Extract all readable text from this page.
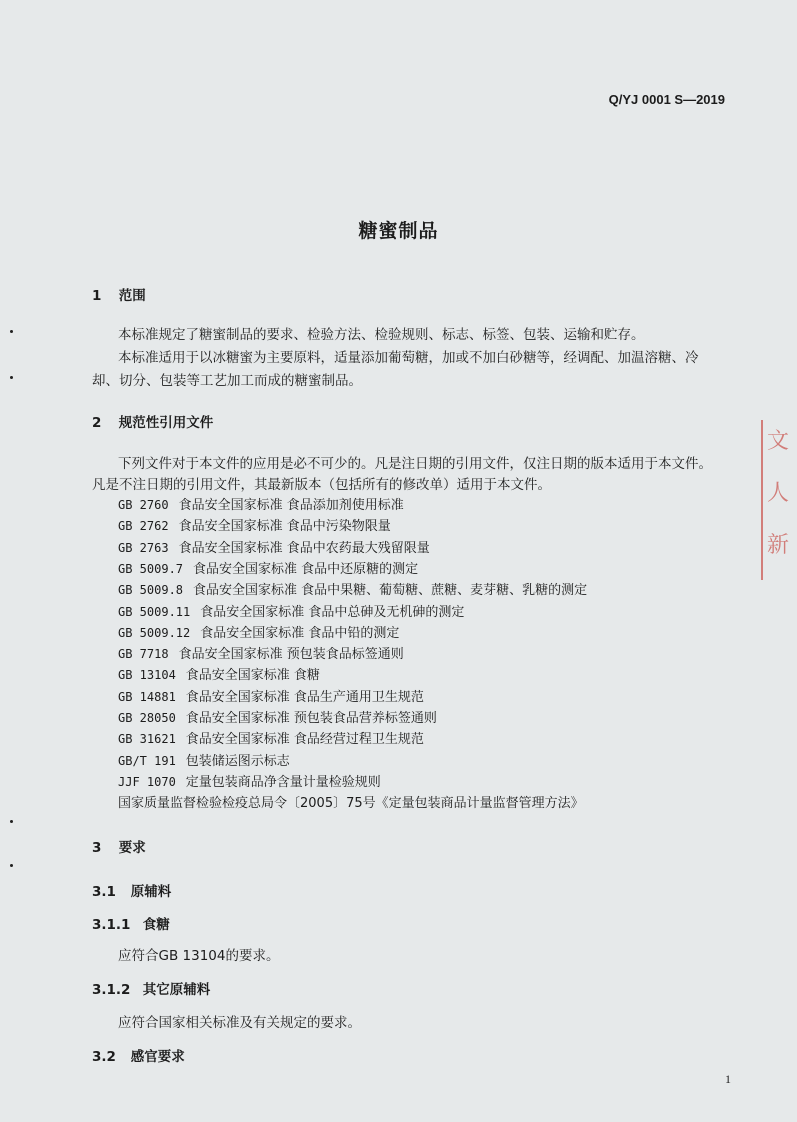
Q/YJ 0001 S—2019
糖蜜制品
1 范围
本标准规定了糖蜜制品的要求、检验方法、检验规则、标志、标签、包装、运输和贮存。
本标准适用于以冰糖蜜为主要原料，适量添加葡萄糖，加或不加白砂糖等，经调配、加温溶糖、冷
却、切分、包装等工艺加工而成的糖蜜制品。
2 规范性引用文件
下列文件对于本文件的应用是必不可少的。凡是注日期的引用文件，仅注日期的版本适用于本文件。
凡是不注日期的引用文件，其最新版本（包括所有的修改单）适用于本文件。
GB 2760 食品安全国家标准 食品添加剂使用标准
GB 2762 食品安全国家标准 食品中污染物限量
GB 2763 食品安全国家标准 食品中农药最大残留限量
GB 5009.7 食品安全国家标准 食品中还原糖的测定
GB 5009.8 食品安全国家标准 食品中果糖、葡萄糖、蔗糖、麦芽糖、乳糖的测定
GB 5009.11 食品安全国家标准 食品中总砷及无机砷的测定
GB 5009.12 食品安全国家标准 食品中铅的测定
GB 7718 食品安全国家标准 预包装食品标签通则
GB 13104 食品安全国家标准 食糖
GB 14881 食品安全国家标准 食品生产通用卫生规范
GB 28050 食品安全国家标准 预包装食品营养标签通则
GB 31621 食品安全国家标准 食品经营过程卫生规范
GB/T 191 包装储运图示标志
JJF 1070 定量包装商品净含量计量检验规则
国家质量监督检验检疫总局令〔2005〕75号《定量包装商品计量监督管理方法》
3 要求
3.1 原辅料
3.1.1 食糖
应符合GB 13104的要求。
3.1.2 其它原辅料
应符合国家相关标准及有关规定的要求。
3.2 感官要求
1
文
人
新
